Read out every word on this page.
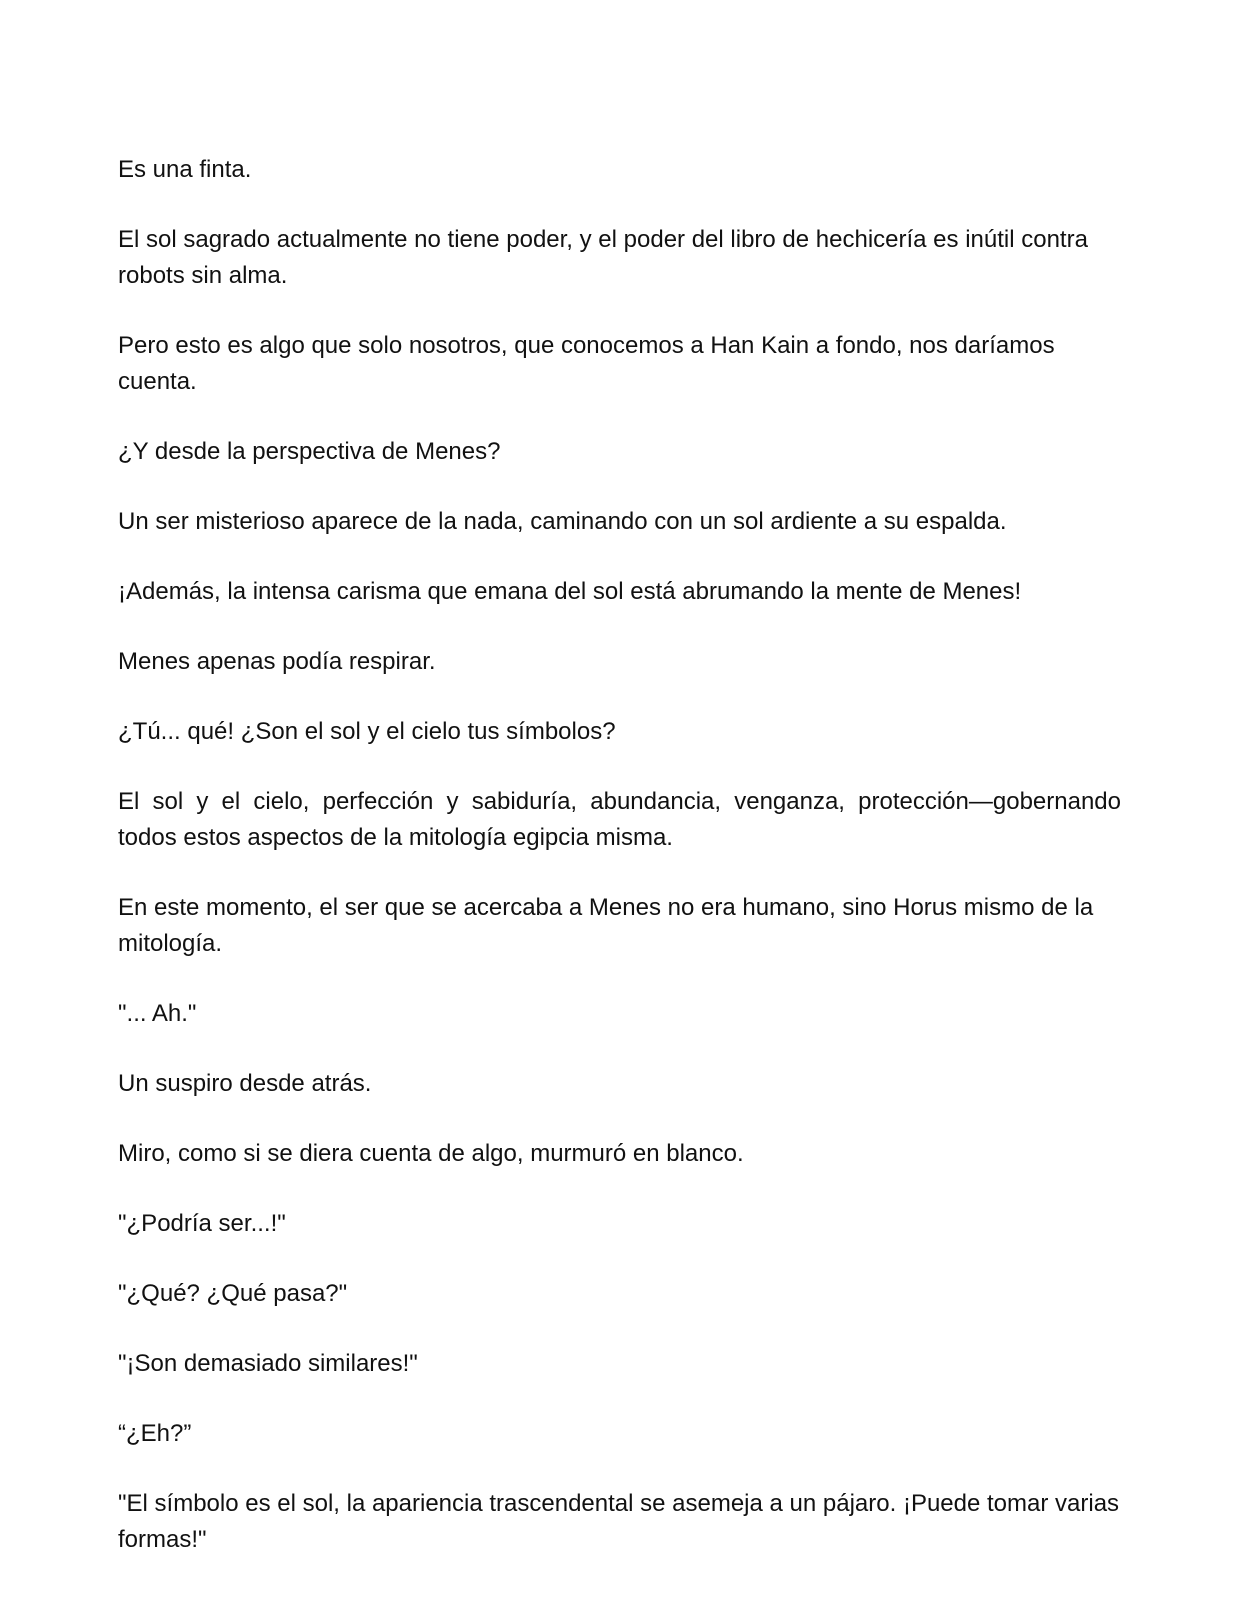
Es una finta.

El sol sagrado actualmente no tiene poder, y el poder del libro de hechicería es inútil contra robots sin alma.

Pero esto es algo que solo nosotros, que conocemos a Han Kain a fondo, nos daríamos cuenta.

¿Y desde la perspectiva de Menes?

Un ser misterioso aparece de la nada, caminando con un sol ardiente a su espalda.

¡Además, la intensa carisma que emana del sol está abrumando la mente de Menes!

Menes apenas podía respirar.

¿Tú... qué! ¿Son el sol y el cielo tus símbolos?

El sol y el cielo, perfección y sabiduría, abundancia, venganza, protección—gobernando todos estos aspectos de la mitología egipcia misma.

En este momento, el ser que se acercaba a Menes no era humano, sino Horus mismo de la mitología.

"... Ah."

Un suspiro desde atrás.

Miro, como si se diera cuenta de algo, murmuró en blanco.

"¿Podría ser...!"

"¿Qué? ¿Qué pasa?"

"¡Son demasiado similares!"

“¿Eh?”

"El símbolo es el sol, la apariencia trascendental se asemeja a un pájaro. ¡Puede tomar varias formas!"
